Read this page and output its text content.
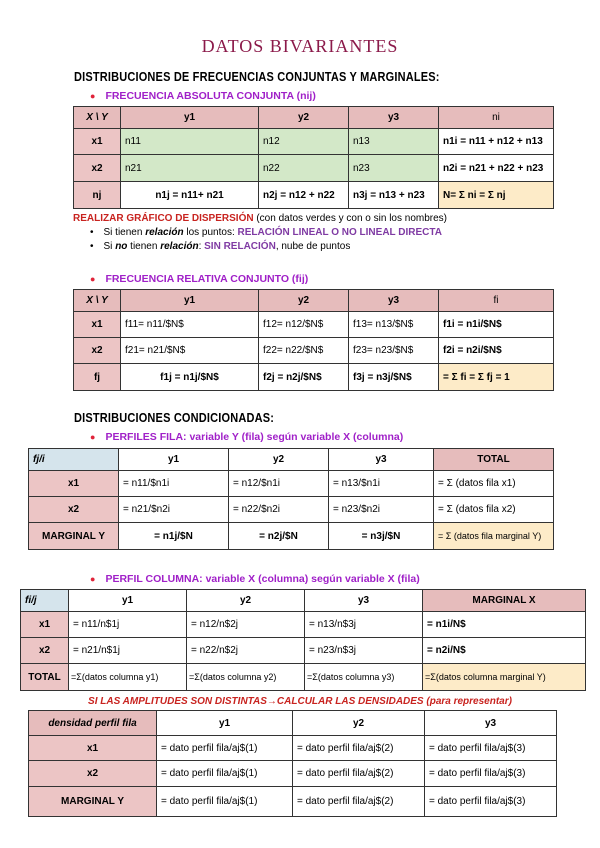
DATOS BIVARIANTES
DISTRIBUCIONES DE FRECUENCIAS CONJUNTAS Y MARGINALES:
● FRECUENCIA ABSOLUTA CONJUNTA (nij)
X \ Y	y1	y2	y3	ni
x1	n11	n12	n13	n1i = n11 + n12 + n13
x2	n21	n22	n23	n2i = n21 + n22 + n23
nj	n1j = n11+ n21	n2j = n12 + n22	n3j = n13 + n23	N= Σ ni = Σ nj
REALIZAR GRÁFICO DE DISPERSIÓN (con datos verdes y con o sin los nombres)
• Si tienen relación los puntos: RELACIÓN LINEAL O NO LINEAL DIRECTA
• Si no tienen relación: SIN RELACIÓN, nube de puntos
● FRECUENCIA RELATIVA CONJUNTO (fij)
X \ Y	y1	y2	y3	fi
x1	f11= n11/$N$	f12= n12/$N$	f13= n13/$N$	f1i = n1i/$N$
x2	f21= n21/$N$	f22= n22/$N$	f23= n23/$N$	f2i = n2i/$N$
fj	f1j = n1j/$N$	f2j = n2j/$N$	f3j = n3j/$N$	= Σ fi = Σ fj = 1
DISTRIBUCIONES CONDICIONADAS:
● PERFILES FILA: variable Y (fila) según variable X (columna)
fj/i	y1	y2	y3	TOTAL
x1	= n11/$n1i	= n12/$n1i	= n13/$n1i	= Σ (datos fila x1)
x2	= n21/$n2i	= n22/$n2i	= n23/$n2i	= Σ (datos fila x2)
MARGINAL Y	= n1j/$N	= n2j/$N	= n3j/$N	= Σ (datos fila marginal Y)
● PERFIL COLUMNA: variable X (columna) según variable X (fila)
fi/j	y1	y2	y3	MARGINAL X
x1	= n11/n$1j	= n12/n$2j	= n13/n$3j	= n1i/N$
x2	= n21/n$1j	= n22/n$2j	= n23/n$3j	= n2i/N$
TOTAL	=Σ(datos columna y1)	=Σ(datos columna y2)	=Σ(datos columna y3)	=Σ(datos columna marginal Y)
SI LAS AMPLITUDES SON DISTINTAS→CALCULAR LAS DENSIDADES (para representar)
densidad perfil fila	y1	y2	y3
x1	= dato perfil fila/aj$(1)	= dato perfil fila/aj$(2)	= dato perfil fila/aj$(3)
x2	= dato perfil fila/aj$(1)	= dato perfil fila/aj$(2)	= dato perfil fila/aj$(3)
MARGINAL Y	= dato perfil fila/aj$(1)	= dato perfil fila/aj$(2)	= dato perfil fila/aj$(3)
